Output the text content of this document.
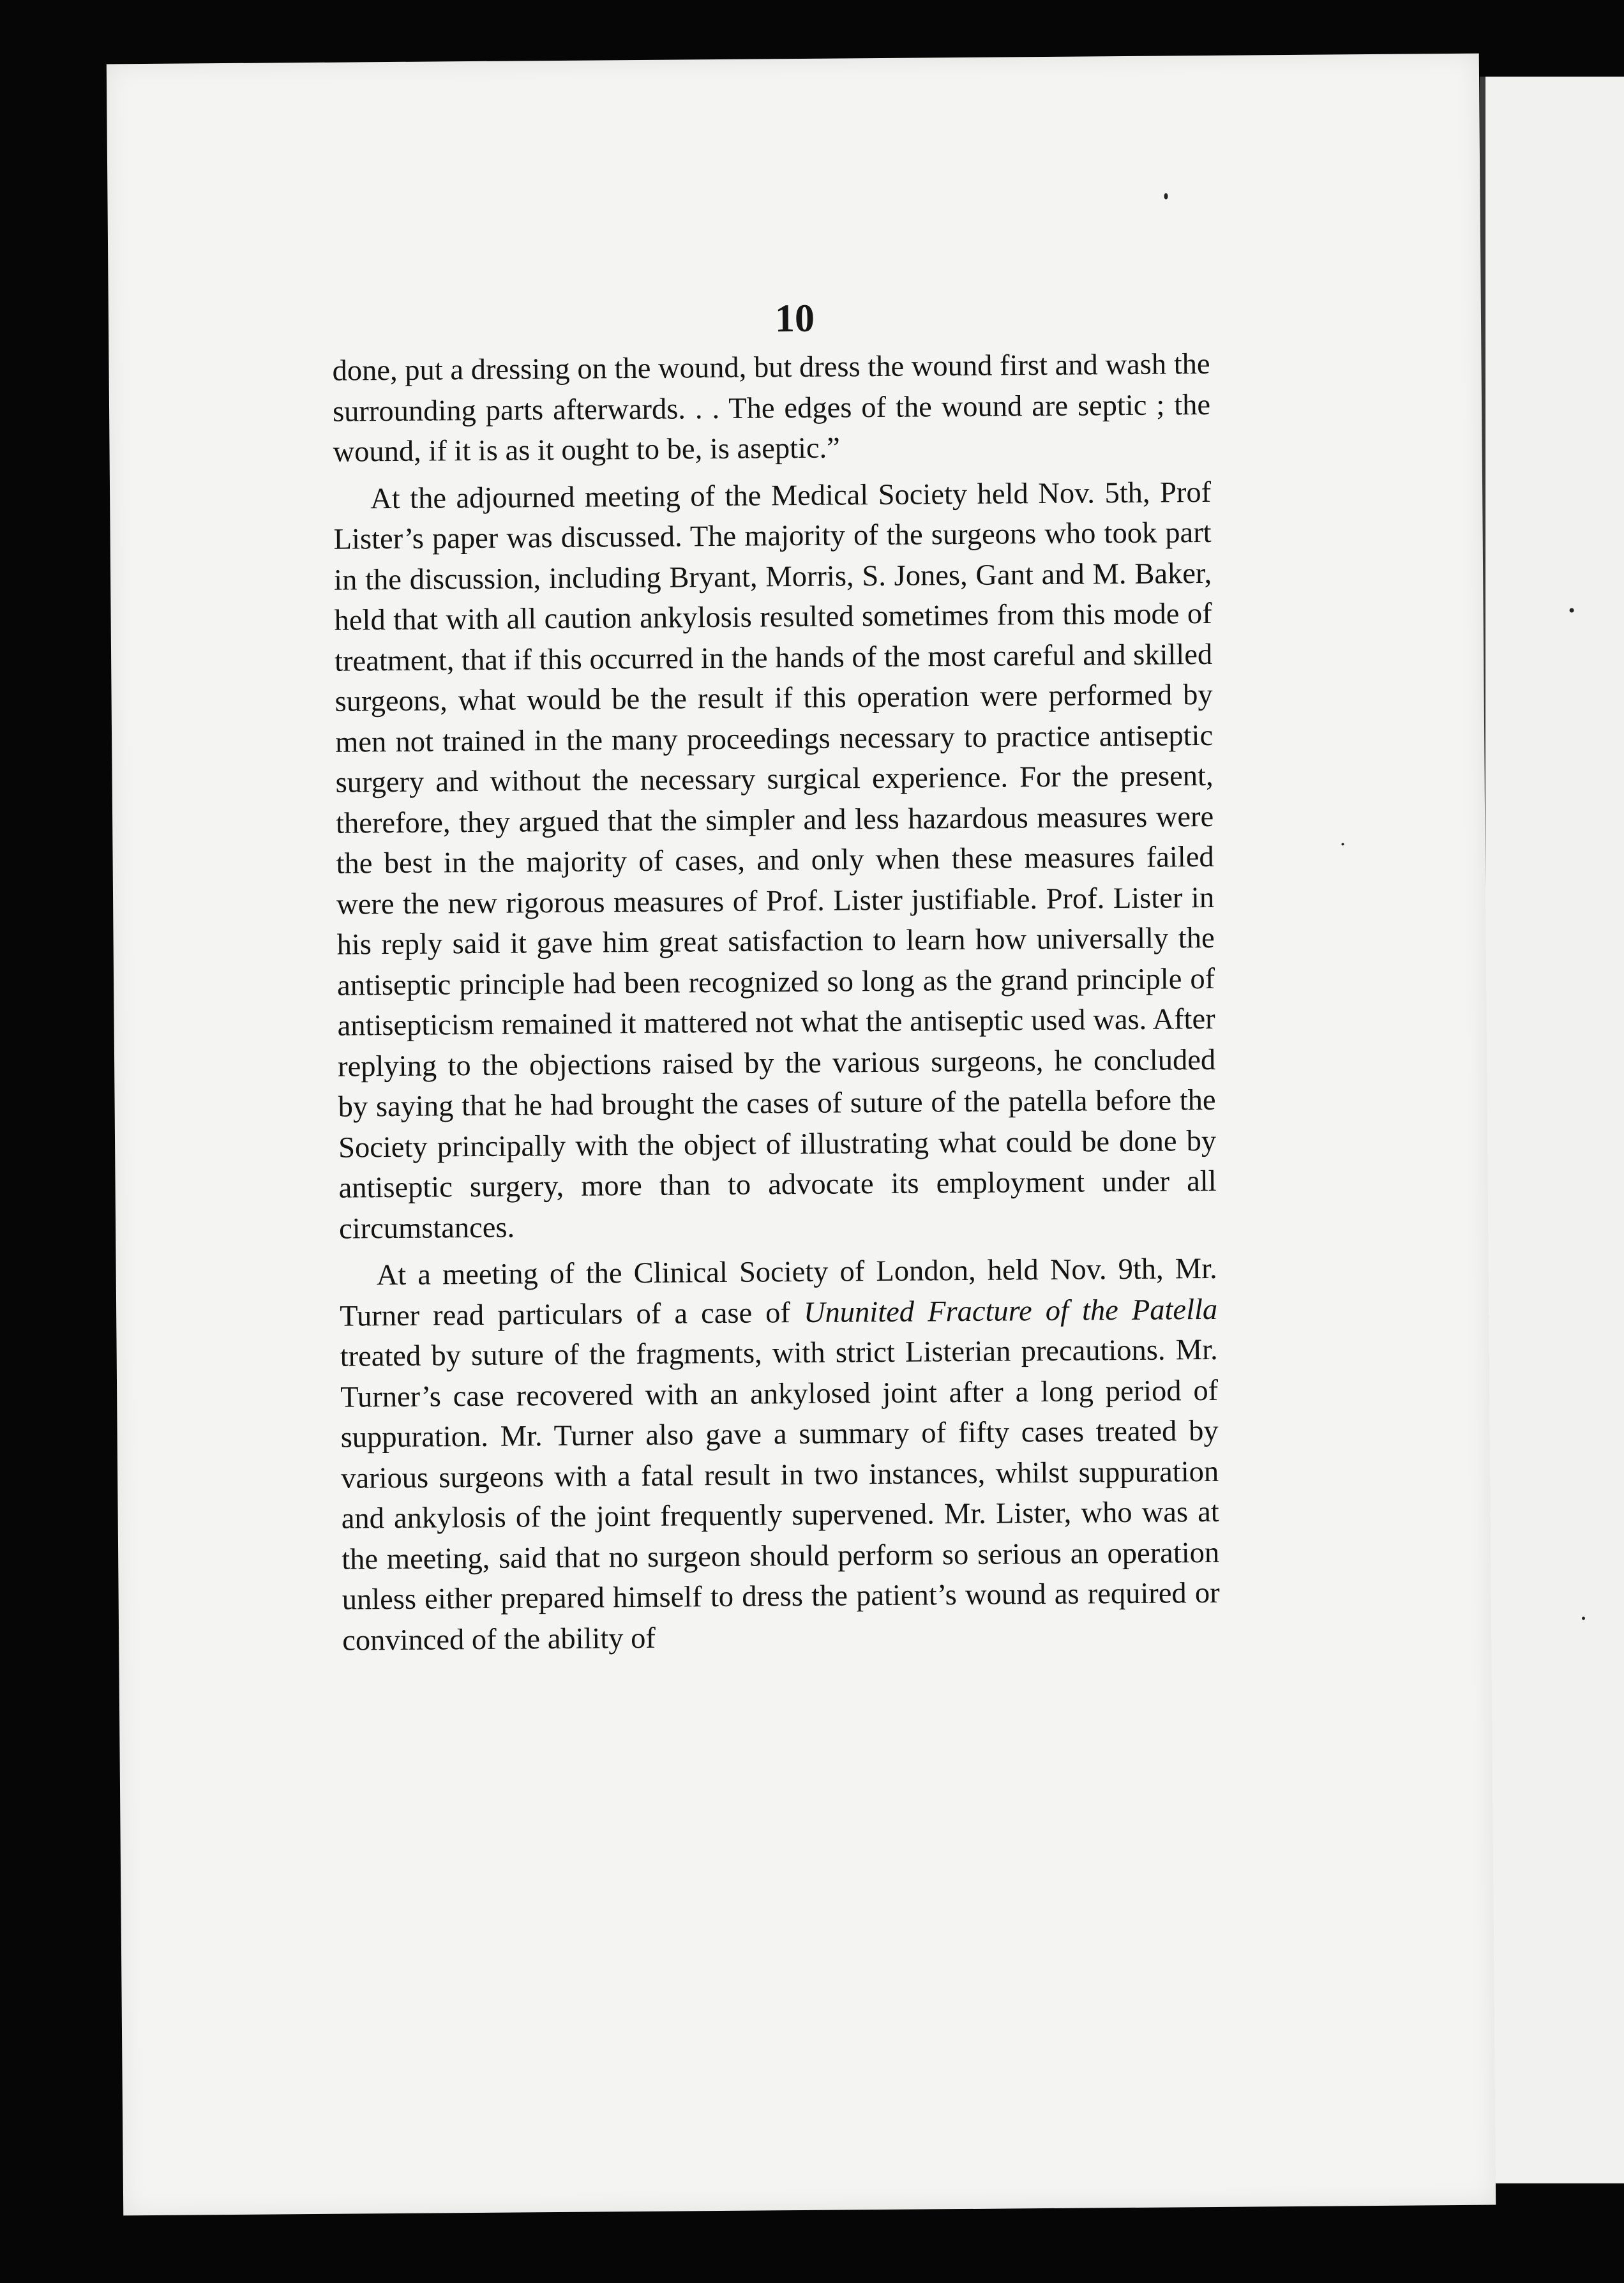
10

done, put a dressing on the wound, but dress the wound first and wash the surrounding parts afterwards. . . The edges of the wound are septic ; the wound, if it is as it ought to be, is aseptic.”

At the adjourned meeting of the Medical Society held Nov. 5th, Prof Lister’s paper was discussed. The majority of the surgeons who took part in the discussion, including Bryant, Morris, S. Jones, Gant and M. Baker, held that with all caution ankylosis resulted sometimes from this mode of treatment, that if this occurred in the hands of the most careful and skilled surgeons, what would be the result if this operation were performed by men not trained in the many proceedings necessary to practice antiseptic surgery and without the necessary surgical experience. For the present, therefore, they argued that the simpler and less hazardous measures were the best in the majority of cases, and only when these measures failed were the new rigorous measures of Prof. Lister justifiable. Prof. Lister in his reply said it gave him great satisfaction to learn how universally the antiseptic principle had been recognized so long as the grand principle of antisepticism remained it mattered not what the antiseptic used was. After replying to the objections raised by the various surgeons, he concluded by saying that he had brought the cases of suture of the patella before the Society principally with the object of illustrating what could be done by antiseptic surgery, more than to advocate its employment under all circumstances.

At a meeting of the Clinical Society of London, held Nov. 9th, Mr. Turner read particulars of a case of Ununited Fracture of the Patella treated by suture of the fragments, with strict Listerian precautions. Mr. Turner’s case recovered with an ankylosed joint after a long period of suppuration. Mr. Turner also gave a summary of fifty cases treated by various surgeons with a fatal result in two instances, whilst suppuration and ankylosis of the joint frequently supervened. Mr. Lister, who was at the meeting, said that no surgeon should perform so serious an operation unless either prepared himself to dress the patient’s wound as required or convinced of the ability of
